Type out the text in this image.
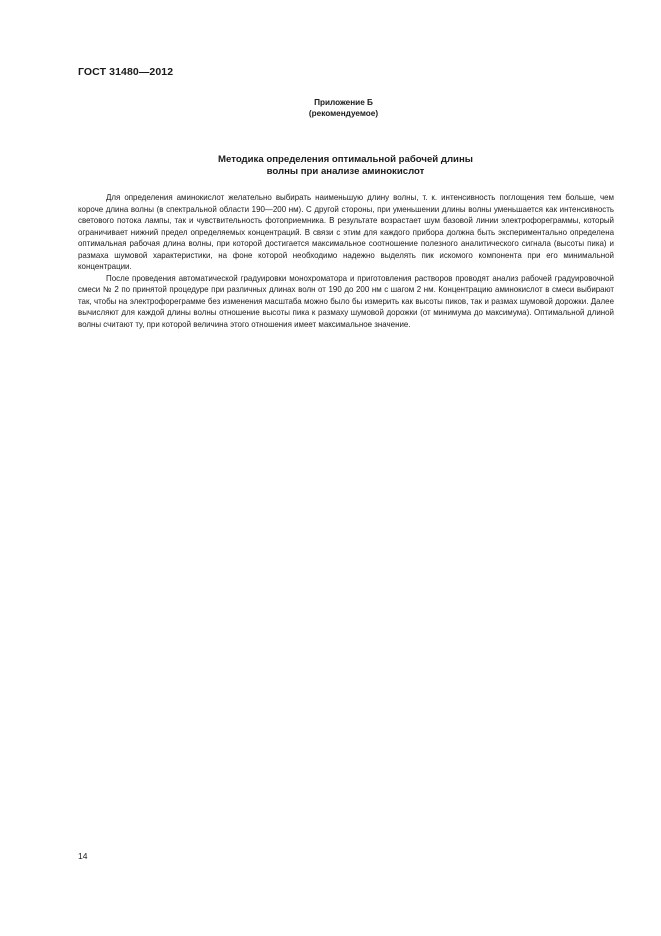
ГОСТ 31480—2012
Приложение Б
(рекомендуемое)
Методика определения оптимальной рабочей длины
волны при анализе аминокислот

Для определения аминокислот желательно выбирать наименьшую длину волны, т. к. интенсивность поглощения тем больше, чем короче длина волны (в спектральной области 190—200 нм). С другой стороны, при уменьшении длины волны уменьшается как интенсивность светового потока лампы, так и чувствительность фотоприемника. В результате возрастает шум базовой линии электрофореграммы, который ограничивает нижний предел определяемых концентраций. В связи с этим для каждого прибора должна быть экспериментально определена оптимальная рабочая длина волны, при которой достигается максимальное соотношение полезного аналитического сигнала (высоты пика) и размаха шумовой характеристики, на фоне которой необходимо надежно выделять пик искомого компонента при его минимальной концентрации.

После проведения автоматической градуировки монохроматора и приготовления растворов проводят анализ рабочей градуировочной смеси № 2 по принятой процедуре при различных длинах волн от 190 до 200 нм с шагом 2 нм. Концентрацию аминокислот в смеси выбирают так, чтобы на электрофореграмме без изменения масштаба можно было бы измерить как высоты пиков, так и размах шумовой дорожки. Далее вычисляют для каждой длины волны отношение высоты пика к размаху шумовой дорожки (от минимума до максимума). Оптимальной длиной волны считают ту, при которой величина этого отношения имеет максимальное значение.

14
